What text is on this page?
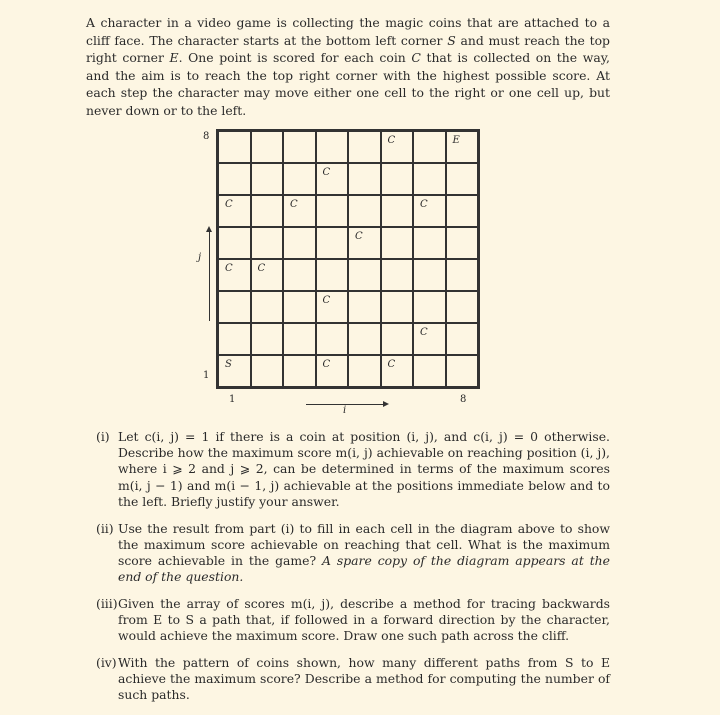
A character in a video game is collecting the magic coins that are attached to a cliff face. The character starts at the bottom left corner S and must reach the top right corner E. One point is scored for each coin C that is collected on the way, and the aim is to reach the top right corner with the highest possible score. At each step the character may move either one cell to the right or one cell up, but never down or to the left.
8
j
1
C	E
C
C	C	C
C
C C
C
C
S	C	C
1	8
i
(i) Let c(i, j) = 1 if there is a coin at position (i, j), and c(i, j) = 0 otherwise. Describe how the maximum score m(i, j) achievable on reaching position (i, j), where i ⩾ 2 and j ⩾ 2, can be determined in terms of the maximum scores m(i, j − 1) and m(i − 1, j) achievable at the positions immediate below and to the left. Briefly justify your answer.
(ii) Use the result from part (i) to fill in each cell in the diagram above to show the maximum score achievable on reaching that cell. What is the maximum score achievable in the game? A spare copy of the diagram appears at the end of the question.
(iii) Given the array of scores m(i, j), describe a method for tracing backwards from E to S a path that, if followed in a forward direction by the character, would achieve the maximum score. Draw one such path across the cliff.
(iv) With the pattern of coins shown, how many different paths from S to E achieve the maximum score? Describe a method for computing the number of such paths.
